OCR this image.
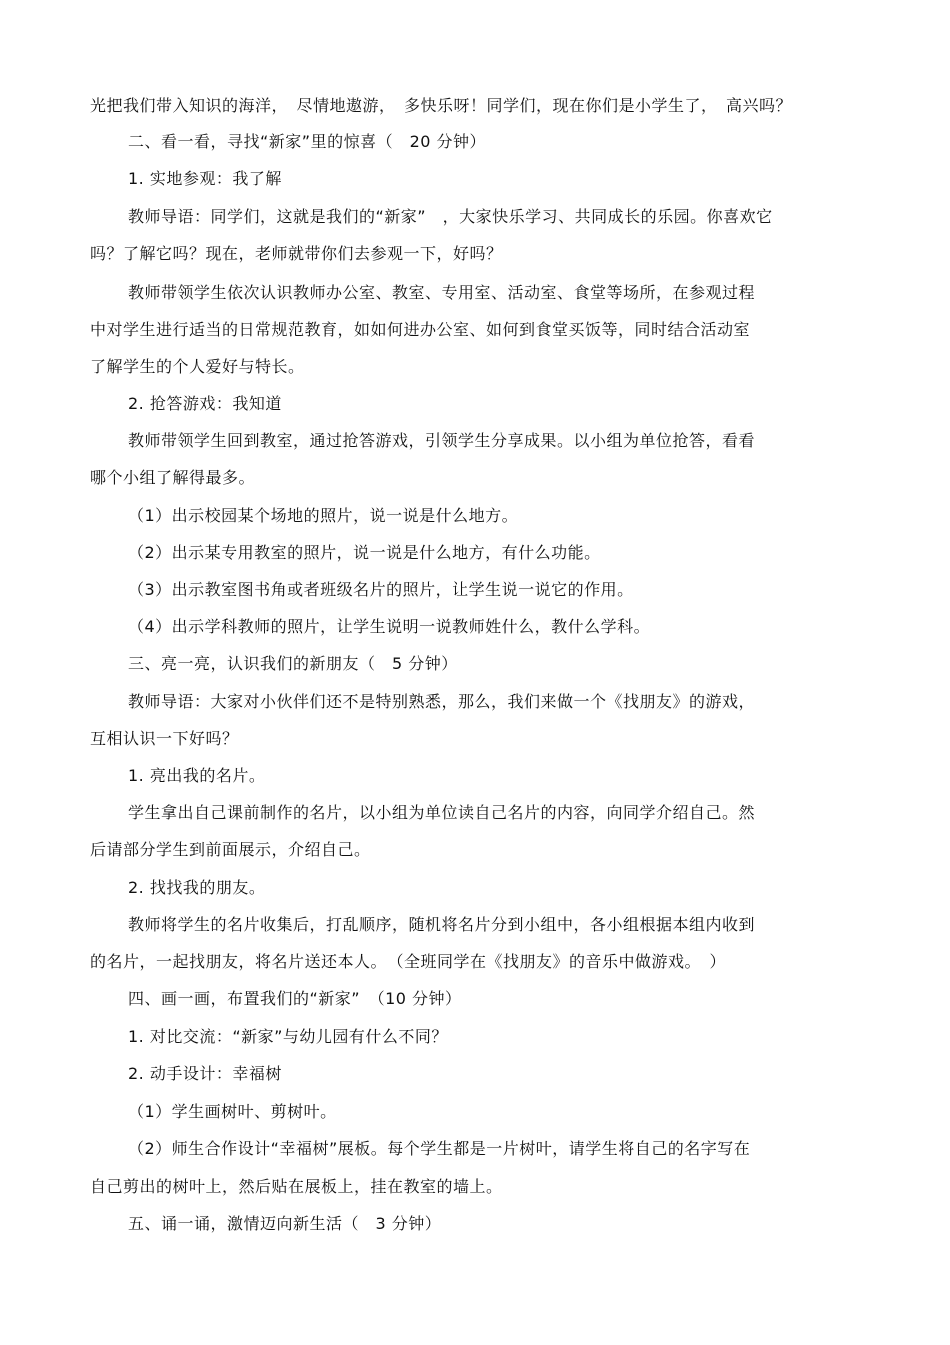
光把我们带入知识的海洋，　尽情地遨游，　多快乐呀！同学们，现在你们是小学生了，　高兴吗？
二、看一看，寻找“新家”里的惊喜（　20 分钟）
1. 实地参观：我了解
教师导语：同学们，这就是我们的“新家”　，大家快乐学习、共同成长的乐园。你喜欢它
吗？了解它吗？现在，老师就带你们去参观一下，好吗？
教师带领学生依次认识教师办公室、教室、专用室、活动室、食堂等场所，在参观过程
中对学生进行适当的日常规范教育，如如何进办公室、如何到食堂买饭等，同时结合活动室
了解学生的个人爱好与特长。
2. 抢答游戏：我知道
教师带领学生回到教室，通过抢答游戏，引领学生分享成果。以小组为单位抢答，看看
哪个小组了解得最多。
（1）出示校园某个场地的照片，说一说是什么地方。
（2）出示某专用教室的照片，说一说是什么地方，有什么功能。
（3）出示教室图书角或者班级名片的照片，让学生说一说它的作用。
（4）出示学科教师的照片，让学生说明一说教师姓什么，教什么学科。
三、亮一亮，认识我们的新朋友（　5 分钟）
教师导语：大家对小伙伴们还不是特别熟悉，那么，我们来做一个《找朋友》的游戏，
互相认识一下好吗？
1. 亮出我的名片。
学生拿出自己课前制作的名片，以小组为单位读自己名片的内容，向同学介绍自己。然
后请部分学生到前面展示，介绍自己。
2. 找找我的朋友。
教师将学生的名片收集后，打乱顺序，随机将名片分到小组中，各小组根据本组内收到
的名片，一起找朋友，将名片送还本人。　（全班同学在《找朋友》的音乐中做游戏。　）
四、画一画，布置我们的“新家”　（10 分钟）
1. 对比交流：“新家”与幼儿园有什么不同？
2. 动手设计：幸福树
（1）学生画树叶、剪树叶。
（2）师生合作设计“幸福树”展板。每个学生都是一片树叶，请学生将自己的名字写在
自己剪出的树叶上，然后贴在展板上，挂在教室的墙上。
五、诵一诵，激情迈向新生活（　3 分钟）
